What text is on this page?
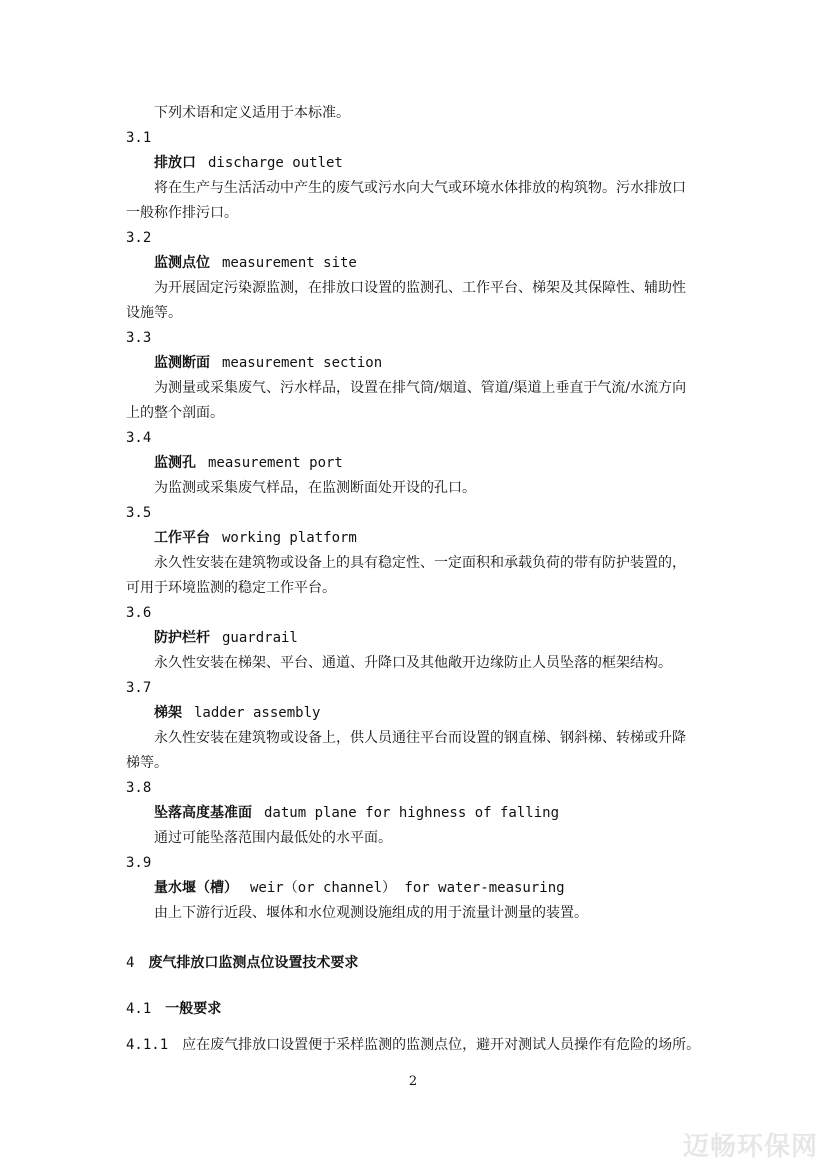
下列术语和定义适用于本标准。
3.1
排放口 discharge outlet
将在生产与生活活动中产生的废气或污水向大气或环境水体排放的构筑物。污水排放口
一般称作排污口。
3.2
监测点位 measurement site
为开展固定污染源监测，在排放口设置的监测孔、工作平台、梯架及其保障性、辅助性
设施等。
3.3
监测断面 measurement section
为测量或采集废气、污水样品，设置在排气筒/烟道、管道/渠道上垂直于气流/水流方向
上的整个剖面。
3.4
监测孔 measurement port
为监测或采集废气样品，在监测断面处开设的孔口。
3.5
工作平台 working platform
永久性安装在建筑物或设备上的具有稳定性、一定面积和承载负荷的带有防护装置的，
可用于环境监测的稳定工作平台。
3.6
防护栏杆 guardrail
永久性安装在梯架、平台、通道、升降口及其他敞开边缘防止人员坠落的框架结构。
3.7
梯架 ladder assembly
永久性安装在建筑物或设备上，供人员通往平台而设置的钢直梯、钢斜梯、转梯或升降
梯等。
3.8
坠落高度基准面 datum plane for highness of falling
通过可能坠落范围内最低处的水平面。
3.9
量水堰（槽） weir（or channel） for water-measuring
由上下游行近段、堰体和水位观测设施组成的用于流量计测量的装置。
4 废气排放口监测点位设置技术要求
4.1 一般要求
4.1.1 应在废气排放口设置便于采样监测的监测点位，避开对测试人员操作有危险的场所。
2
迈畅环保网
